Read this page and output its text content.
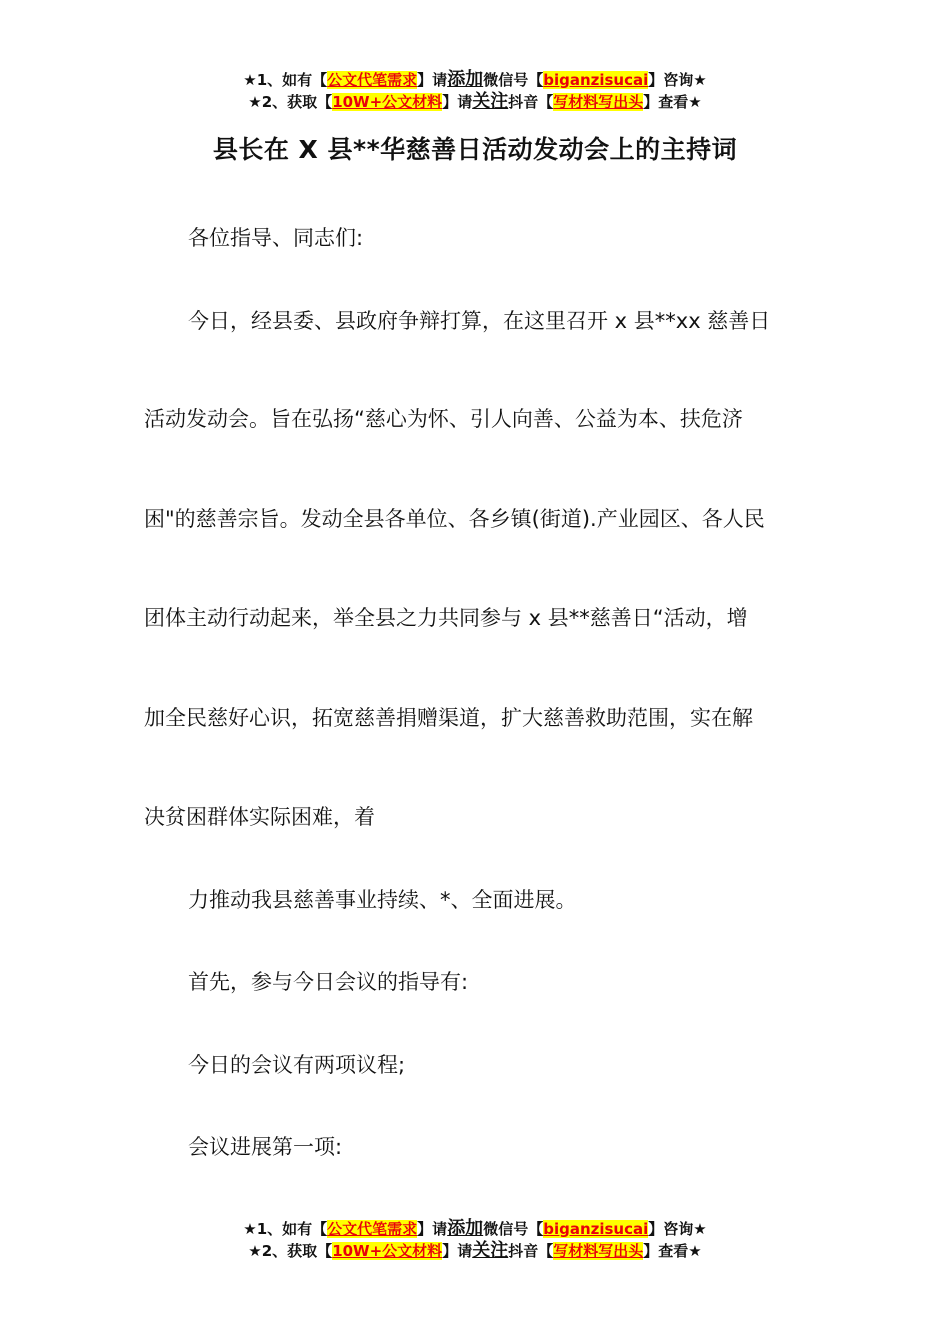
★1、如有【公文代笔需求】请添加微信号【biganzisucai】咨询★
★2、获取【10W+公文材料】请关注抖音【写材料写出头】查看★
县长在 X 县**华慈善日活动发动会上的主持词
各位指导、同志们:
今日，经县委、县政府争辩打算，在这里召开 x 县**xx 慈善日
活动发动会。旨在弘扬“慈心为怀、引人向善、公益为本、扶危济
困"的慈善宗旨。发动全县各单位、各乡镇(街道).产业园区、各人民
团体主动行动起来，举全县之力共同参与 x 县**慈善日“活动，增
加全民慈好心识，拓宽慈善捐赠渠道，扩大慈善救助范围，实在解
决贫困群体实际困难，着
力推动我县慈善事业持续、*、全面进展。
首先，参与今日会议的指导有:
今日的会议有两项议程;
会议进展第一项:
★1、如有【公文代笔需求】请添加微信号【biganzisucai】咨询★
★2、获取【10W+公文材料】请关注抖音【写材料写出头】查看★
